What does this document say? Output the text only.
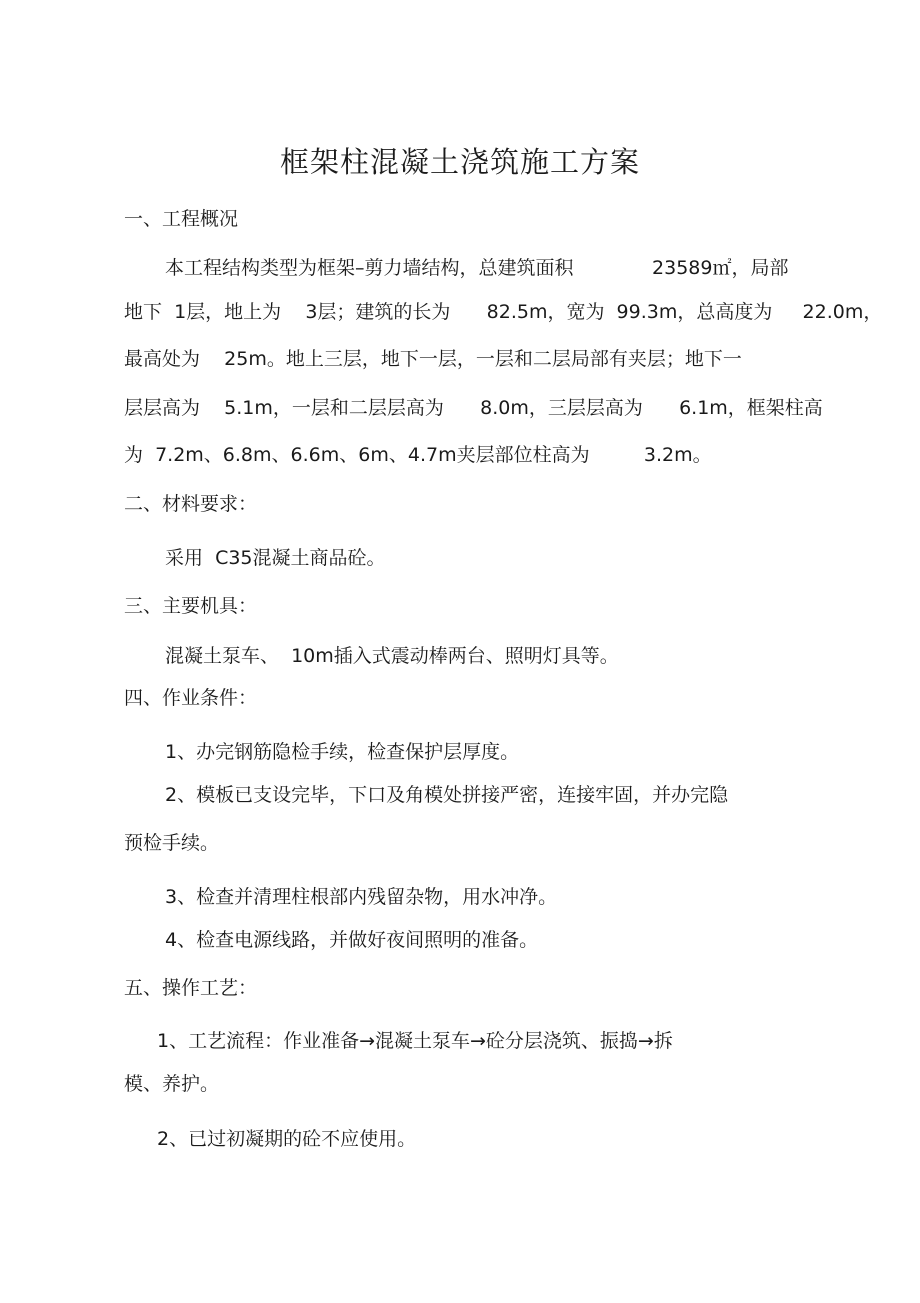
框架柱混凝土浇筑施工方案
一、工程概况
本工程结构类型为框架–剪力墙结构，总建筑面积             23589㎡，局部
地下  1层，地上为    3层；建筑的长为      82.5m，宽为  99.3m，总高度为     22.0m，
最高处为    25m。地上三层，地下一层，一层和二层局部有夹层；地下一
层层高为    5.1m，一层和二层层高为      8.0m，三层层高为      6.1m，框架柱高
为  7.2m、6.8m、6.6m、6m、4.7m夹层部位柱高为         3.2m。
二、材料要求：
采用  C35混凝土商品砼。
三、主要机具：
混凝土泵车、  10m插入式震动棒两台、照明灯具等。
四、作业条件：
1、办完钢筋隐检手续，检查保护层厚度。
2、模板已支设完毕，下口及角模处拼接严密，连接牢固，并办完隐
预检手续。
3、检查并清理柱根部内残留杂物，用水冲净。
4、检查电源线路，并做好夜间照明的准备。
五、操作工艺：
1、工艺流程：作业准备→混凝土泵车→砼分层浇筑、振捣→拆
模、养护。
2、已过初凝期的砼不应使用。
